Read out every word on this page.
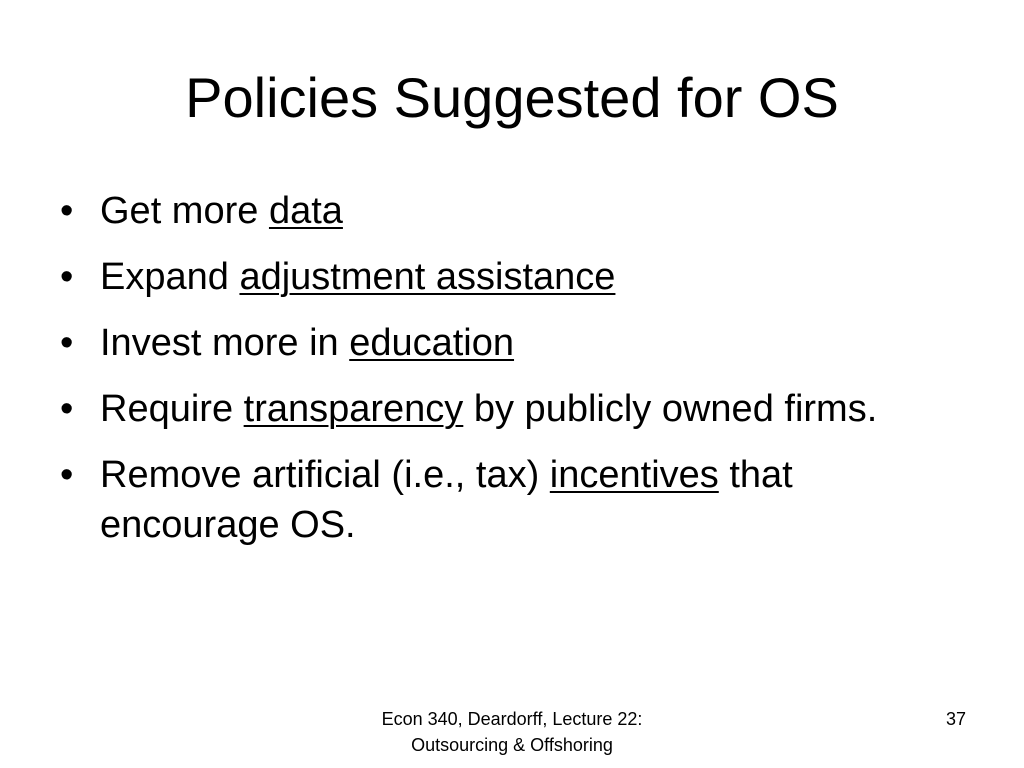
Policies Suggested for OS
• Get more data
• Expand adjustment assistance
• Invest more in education
• Require transparency by publicly owned firms.
• Remove artificial (i.e., tax) incentives that encourage OS.
Econ 340, Deardorff, Lecture 22:
Outsourcing & Offshoring
37
